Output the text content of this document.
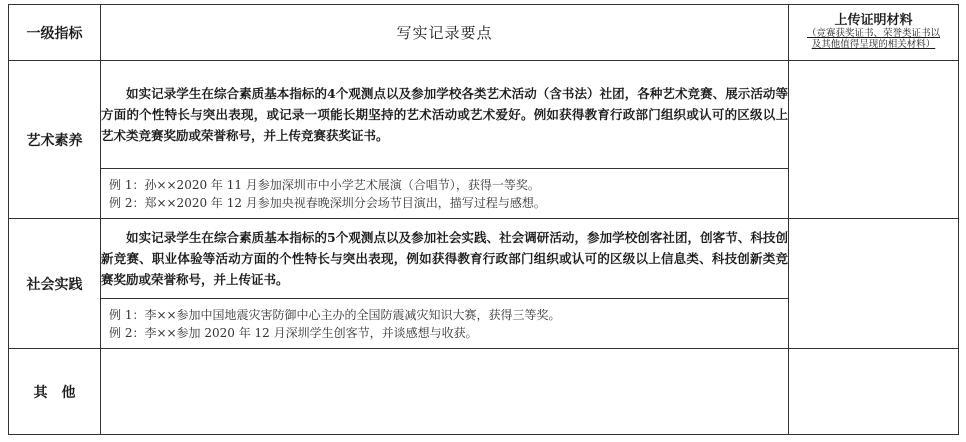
一级指标	写实记录要点	上传证明材料
（竞赛获奖证书、荣誉类证书以
及其他值得呈现的相关材料）

艺术素养	如实记录学生在综合素质基本指标的4个观测点以及参加学校各类艺术活动（含书法）社团，各种艺术竞赛、展示活动等方面的个性特长与突出表现，或记录一项能长期坚持的艺术活动或艺术爱好。例如获得教育行政部门组织或认可的区级以上艺术类竞赛奖励或荣誉称号，并上传竞赛获奖证书。	

	例 1：孙××2020 年 11 月参加深圳市中小学艺术展演（合唱节），获得一等奖。
例 2：郑××2020 年 12 月参加央视春晚深圳分会场节目演出，描写过程与感想。	

社会实践	如实记录学生在综合素质基本指标的5个观测点以及参加社会实践、社会调研活动，参加学校创客社团，创客节、科技创新竞赛、职业体验等活动方面的个性特长与突出表现，例如获得教育行政部门组织或认可的区级以上信息类、科技创新类竞赛奖励或荣誉称号，并上传证书。	

	例 1：李××参加中国地震灾害防御中心主办的全国防震减灾知识大赛，获得三等奖。
例 2：李××参加 2020 年 12 月深圳学生创客节，并谈感想与收获。	

其他		
